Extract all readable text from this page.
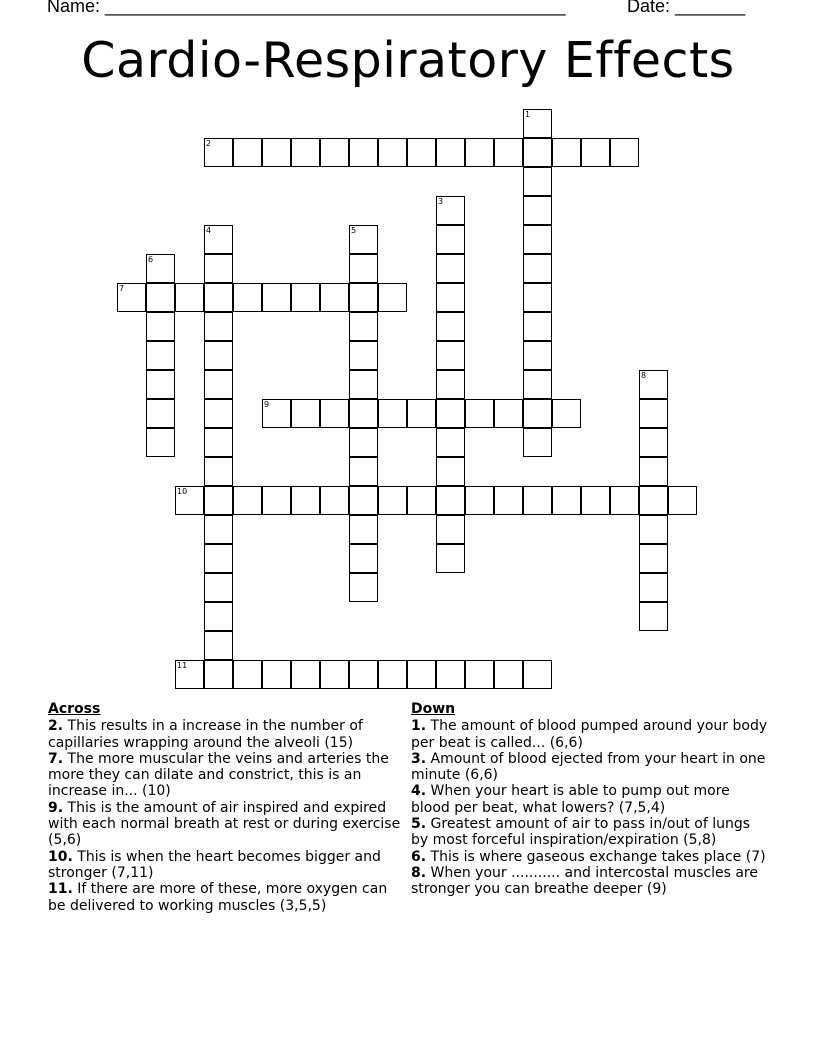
Name: ______________________________________________	Date: _______
Cardio-Respiratory Effects
1
2
3
4	5
6
7
8
9
10
11
Across
2. This results in a increase in the number of capillaries wrapping around the alveoli (15)
7. The more muscular the veins and arteries the more they can dilate and constrict, this is an increase in... (10)
9. This is the amount of air inspired and expired with each normal breath at rest or during exercise (5,6)
10. This is when the heart becomes bigger and stronger (7,11)
11. If there are more of these, more oxygen can be delivered to working muscles (3,5,5)
Down
1. The amount of blood pumped around your body per beat is called... (6,6)
3. Amount of blood ejected from your heart in one minute (6,6)
4. When your heart is able to pump out more blood per beat, what lowers? (7,5,4)
5. Greatest amount of air to pass in/out of lungs by most forceful inspiration/expiration (5,8)
6. This is where gaseous exchange takes place (7)
8. When your ........... and intercostal muscles are stronger you can breathe deeper (9)
